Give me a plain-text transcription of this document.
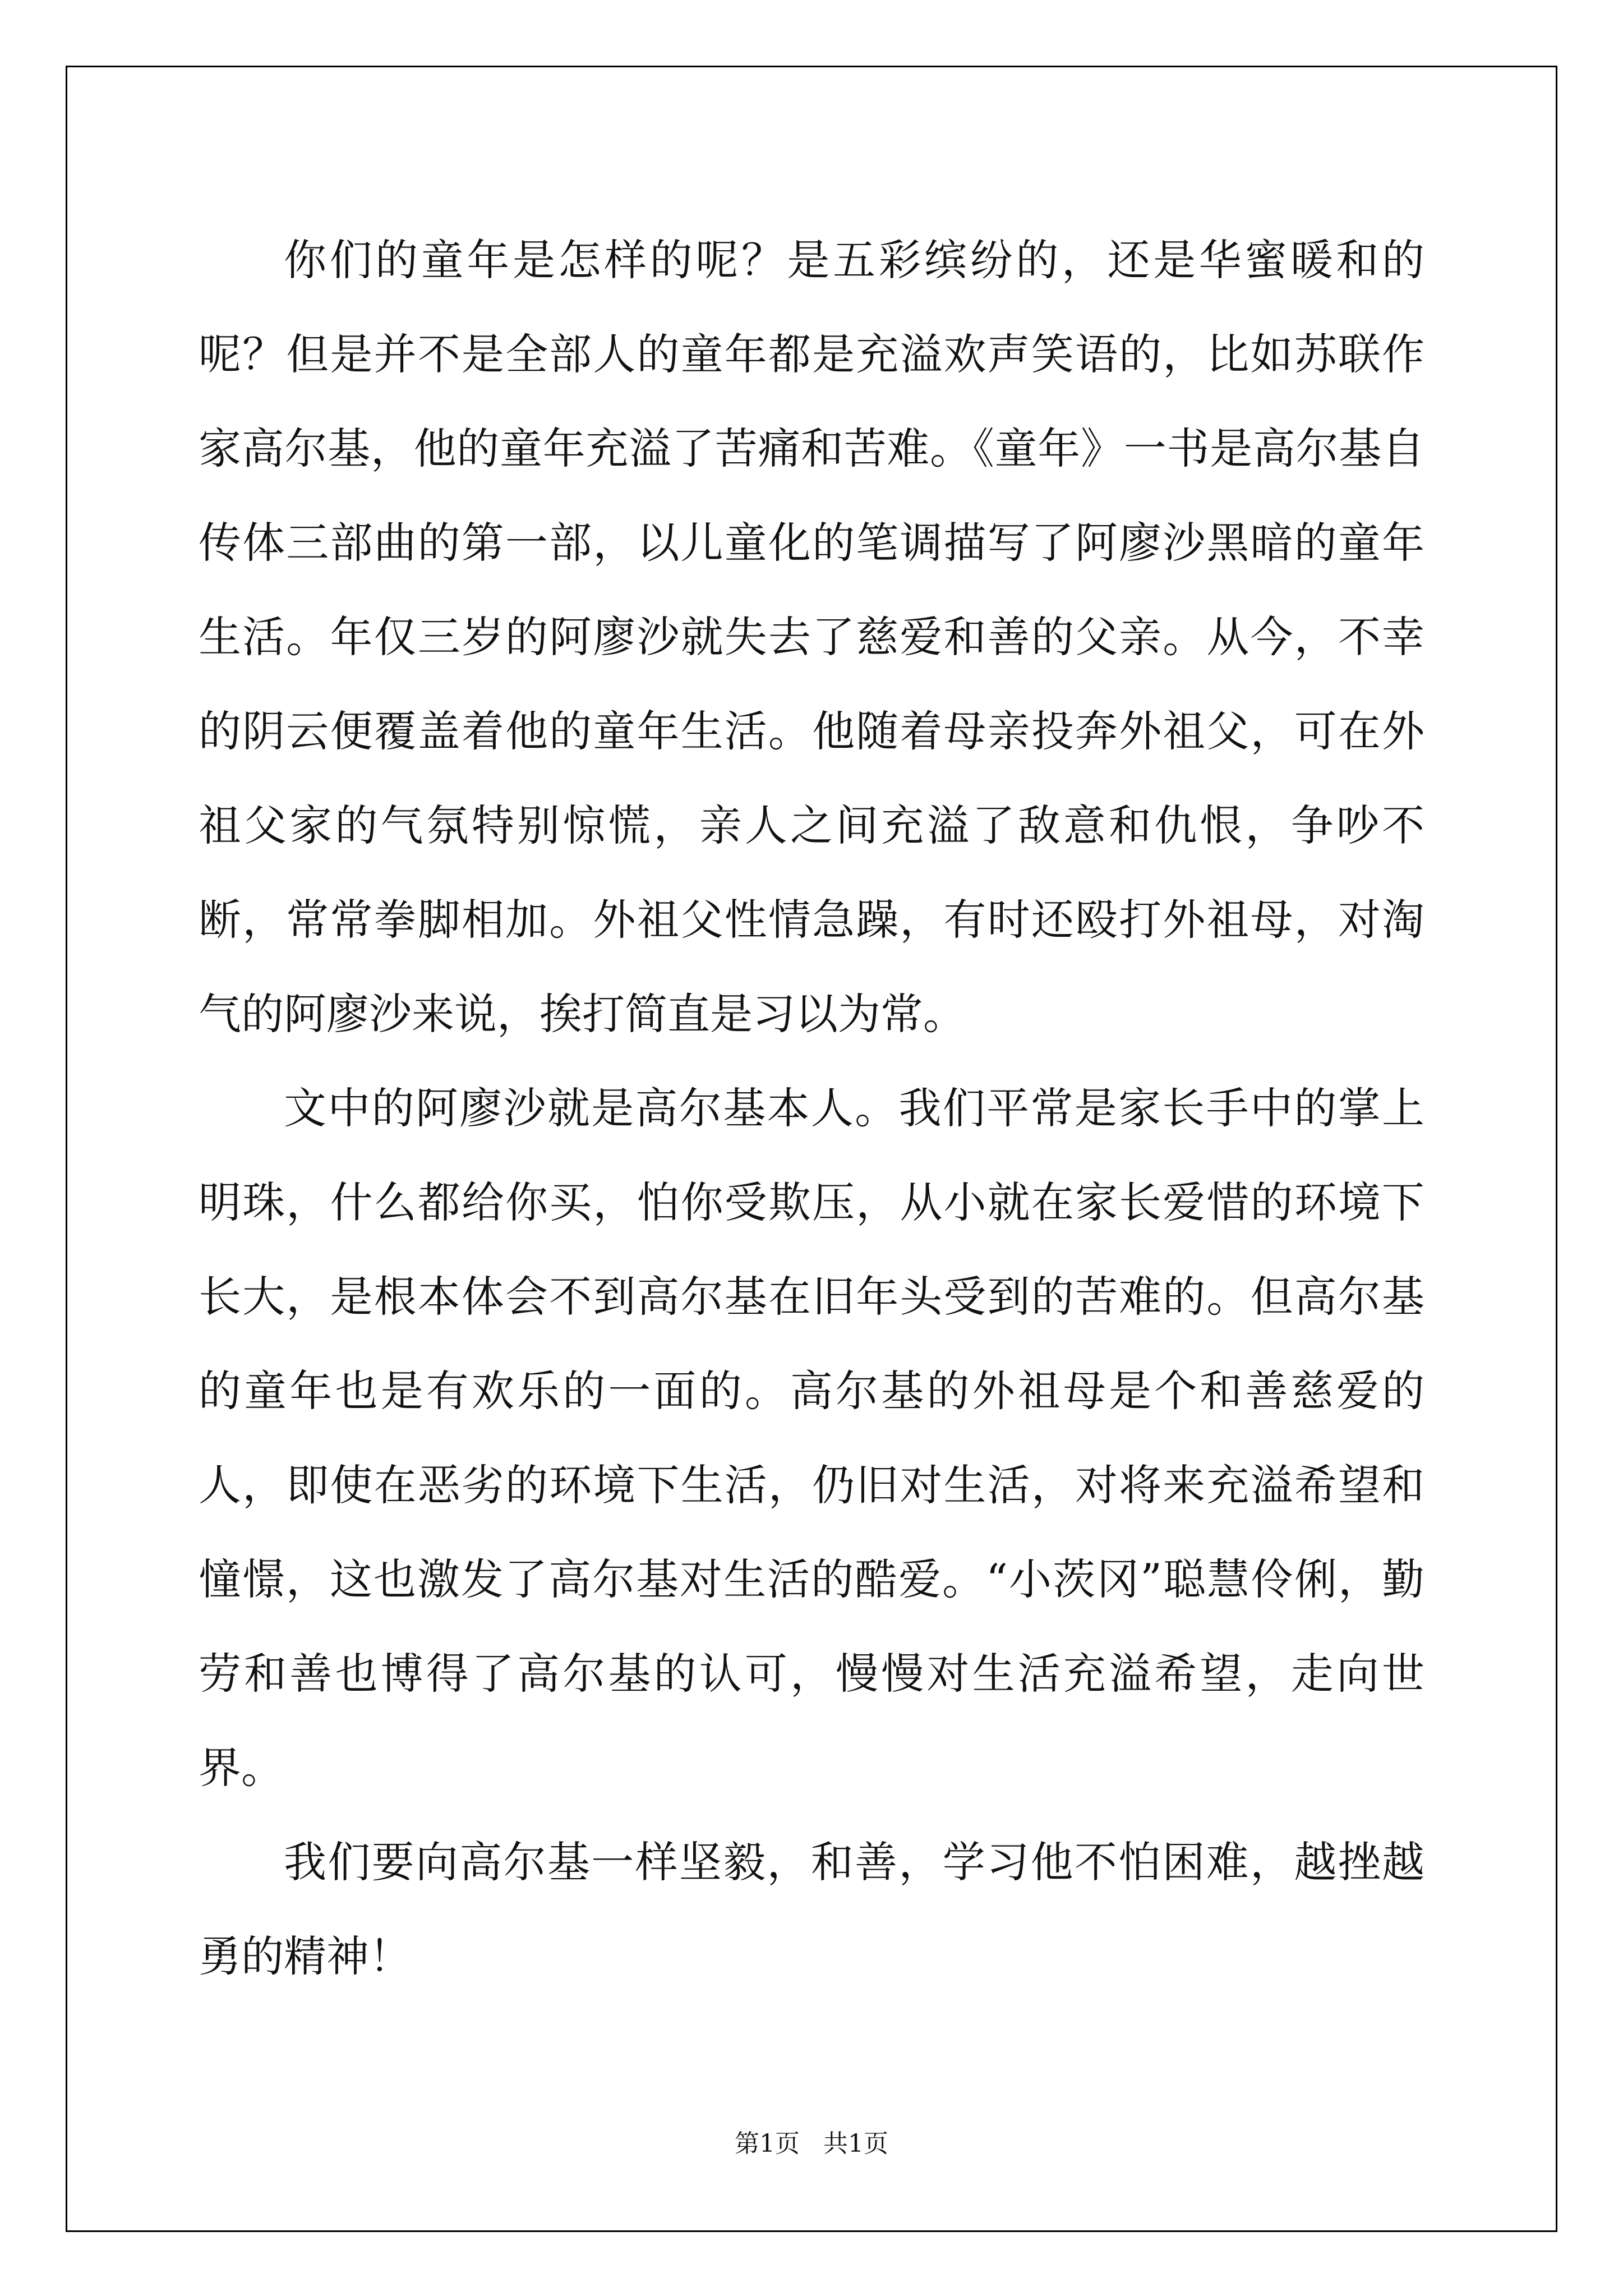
你们的童年是怎样的呢？是五彩缤纷的，还是华蜜暖和的呢？但是并不是全部人的童年都是充溢欢声笑语的，比如苏联作家高尔基，他的童年充溢了苦痛和苦难。《童年》一书是高尔基自传体三部曲的第一部，以儿童化的笔调描写了阿廖沙黑暗的童年生活。年仅三岁的阿廖沙就失去了慈爱和善的父亲。从今，不幸的阴云便覆盖着他的童年生活。他随着母亲投奔外祖父，可在外祖父家的气氛特别惊慌，亲人之间充溢了敌意和仇恨，争吵不断，常常拳脚相加。外祖父性情急躁，有时还殴打外祖母，对淘气的阿廖沙来说，挨打简直是习以为常。

文中的阿廖沙就是高尔基本人。我们平常是家长手中的掌上明珠，什么都给你买，怕你受欺压，从小就在家长爱惜的环境下长大，是根本体会不到高尔基在旧年头受到的苦难的。但高尔基的童年也是有欢乐的一面的。高尔基的外祖母是个和善慈爱的人，即使在恶劣的环境下生活，仍旧对生活，对将来充溢希望和憧憬，这也激发了高尔基对生活的酷爱。“小茨冈”聪慧伶俐，勤劳和善也博得了高尔基的认可，慢慢对生活充溢希望，走向世界。

我们要向高尔基一样坚毅，和善，学习他不怕困难，越挫越勇的精神！

第1页 共1页
